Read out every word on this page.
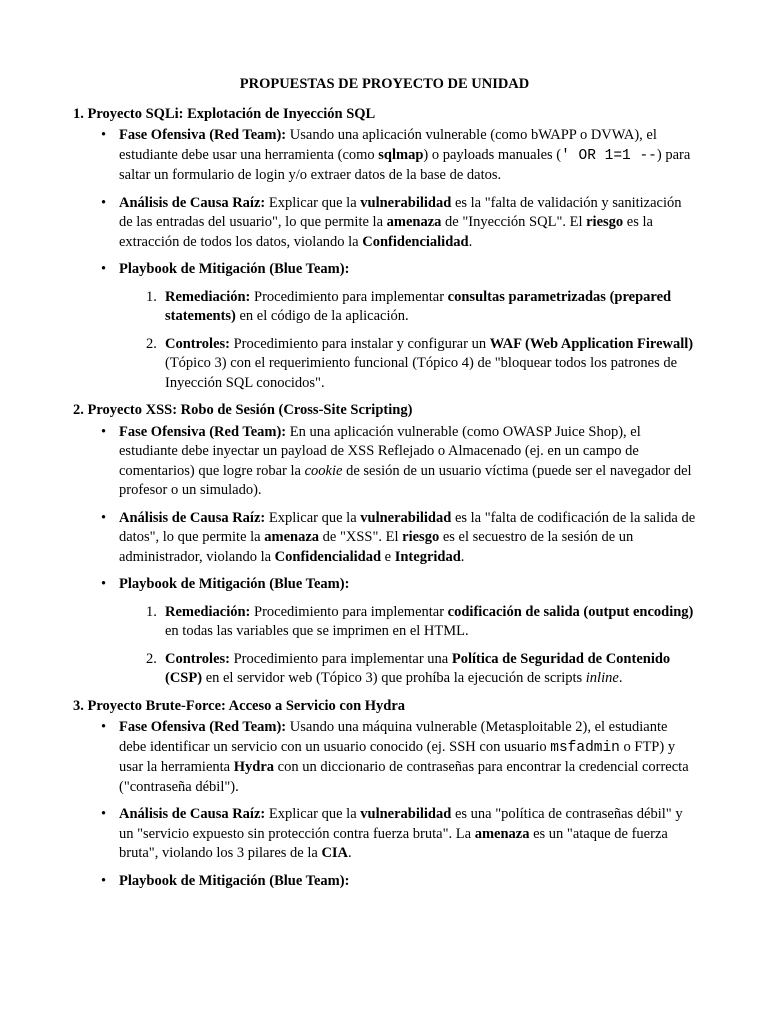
PROPUESTAS DE PROYECTO DE UNIDAD
1. Proyecto SQLi: Explotación de Inyección SQL
• Fase Ofensiva (Red Team): Usando una aplicación vulnerable (como bWAPP o DVWA), el estudiante debe usar una herramienta (como sqlmap) o payloads manuales (' OR 1=1 --) para saltar un formulario de login y/o extraer datos de la base de datos.
• Análisis de Causa Raíz: Explicar que la vulnerabilidad es la "falta de validación y sanitización de las entradas del usuario", lo que permite la amenaza de "Inyección SQL". El riesgo es la extracción de todos los datos, violando la Confidencialidad.
• Playbook de Mitigación (Blue Team):
1. Remediación: Procedimiento para implementar consultas parametrizadas (prepared statements) en el código de la aplicación.
2. Controles: Procedimiento para instalar y configurar un WAF (Web Application Firewall) (Tópico 3) con el requerimiento funcional (Tópico 4) de "bloquear todos los patrones de Inyección SQL conocidos".
2. Proyecto XSS: Robo de Sesión (Cross-Site Scripting)
• Fase Ofensiva (Red Team): En una aplicación vulnerable (como OWASP Juice Shop), el estudiante debe inyectar un payload de XSS Reflejado o Almacenado (ej. en un campo de comentarios) que logre robar la cookie de sesión de un usuario víctima (puede ser el navegador del profesor o un simulado).
• Análisis de Causa Raíz: Explicar que la vulnerabilidad es la "falta de codificación de la salida de datos", lo que permite la amenaza de "XSS". El riesgo es el secuestro de la sesión de un administrador, violando la Confidencialidad e Integridad.
• Playbook de Mitigación (Blue Team):
1. Remediación: Procedimiento para implementar codificación de salida (output encoding) en todas las variables que se imprimen en el HTML.
2. Controles: Procedimiento para implementar una Política de Seguridad de Contenido (CSP) en el servidor web (Tópico 3) que prohíba la ejecución de scripts inline.
3. Proyecto Brute-Force: Acceso a Servicio con Hydra
• Fase Ofensiva (Red Team): Usando una máquina vulnerable (Metasploitable 2), el estudiante debe identificar un servicio con un usuario conocido (ej. SSH con usuario msfadmin o FTP) y usar la herramienta Hydra con un diccionario de contraseñas para encontrar la credencial correcta ("contraseña débil").
• Análisis de Causa Raíz: Explicar que la vulnerabilidad es una "política de contraseñas débil" y un "servicio expuesto sin protección contra fuerza bruta". La amenaza es un "ataque de fuerza bruta", violando los 3 pilares de la CIA.
• Playbook de Mitigación (Blue Team):
